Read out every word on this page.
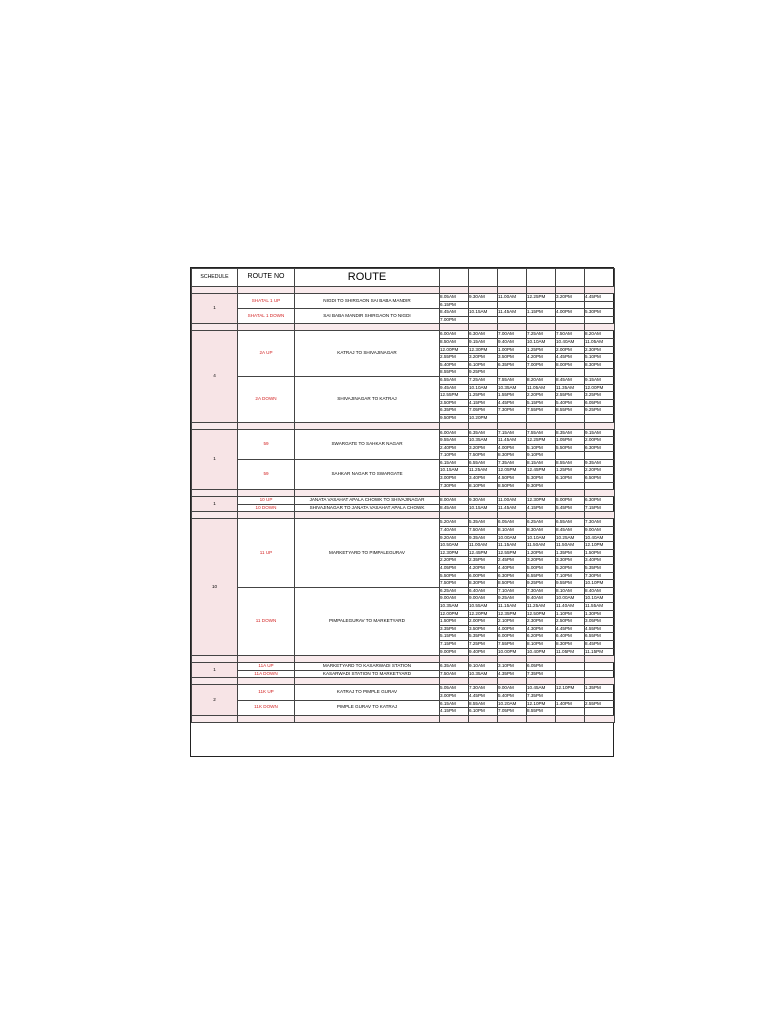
SCHEDULE	ROUTE NO	ROUTE						

1	SHATAL 1 UP	NIGDI TO SHIRGAON SAI BABA MANDIR	8.05AM	9.30AM	11.00AM	12.25PM	3.20PM	4.45PM
			6.15PM					
	SHATAL 1 DOWN	SAI BABA MANDIR SHIRGAON TO NIGDI	8.45AM	10.15AM	11.45AM	1.15PM	4.00PM	5.30PM
			7.00PM					

4	2A UP	KATRAJ TO SHIVAJINAGAR	6.00AM	6.30AM	7.00AM	7.25AM	7.50AM	8.20AM
			8.50AM	9.15AM	9.40AM	10.10AM	10.40AM	11.05AM
			12.00PM	12.30PM	1.00PM	1.25PM	2.00PM	2.30PM
			2.55PM	3.20PM	3.50PM	4.20PM	4.45PM	5.10PM
			5.40PM	6.10PM	6.35PM	7.00PM	8.00PM	8.30PM
			8.55PM	9.25PM				
	2A DOWN	SHIVAJINAGAR TO KATRAJ	6.55AM	7.25AM	7.55AM	8.20AM	8.45AM	9.15AM
			9.45AM	10.10AM	10.35AM	11.05AM	11.35AM	12.00PM
			12.55PM	1.25PM	1.55PM	2.20PM	2.55PM	3.25PM
			3.50PM	4.15PM	4.45PM	5.15PM	5.40PM	6.05PM
			6.35PM	7.05PM	7.30PM	7.55PM	8.55PM	9.25PM
			9.50PM	10.20PM				

1	59	SWARGATE TO SAHKAR NAGAR	6.00AM	6.35AM	7.15AM	7.55AM	8.35AM	9.15AM
			9.55AM	10.35AM	11.45AM	12.25PM	1.05PM	2.00PM
			2.40PM	3.20PM	4.00PM	5.10PM	5.50PM	6.30PM
			7.10PM	7.50PM	8.30PM	9.10PM		
	59	SAHKAR NAGAR TO SWARGATE	6.15AM	6.55AM	7.35AM	8.15AM	8.55AM	9.35AM
			10.15AM	11.25AM	12.05PM	12.45PM	1.25PM	2.20PM
			3.00PM	3.40PM	4.50PM	5.30PM	6.10PM	6.50PM
			7.30PM	8.10PM	8.50PM	9.30PM		

1	10 UP	JANATA VASAHAT APALA CHOWK TO SHIVAJINAGAR	8.00AM	9.30AM	11.00AM	12.30PM	5.00PM	6.30PM
	10 DOWN	SHIVAJINAGAR TO JANATA VASAHAT APALA CHOWK	8.45AM	10.15AM	11.45AM	4.15PM	5.45PM	7.15PM

10	11 UP	MARKETYARD TO PIMPALEGURAV	5.20AM	5.35AM	6.05AM	6.25AM	6.55AM	7.30AM
			7.40AM	7.50AM	8.10AM	8.30AM	8.45AM	9.00AM
			9.20AM	9.35AM	10.00AM	10.10AM	10.25AM	10.40AM
			10.50AM	11.00AM	11.15AM	11.50AM	11.50AM	12.10PM
			12.30PM	12.45PM	12.55PM	1.20PM	1.35PM	1.50PM
			2.20PM	2.35PM	2.45PM	3.20PM	3.30PM	3.40PM
			4.05PM	4.20PM	4.40PM	5.00PM	5.20PM	5.35PM
			5.50PM	6.00PM	6.30PM	6.55PM	7.10PM	7.30PM
			7.50PM	8.30PM	8.50PM	9.25PM	9.55PM	10.10PM
	11 DOWN	PIMPALEGURAV TO MARKETYARD	6.25AM	6.40AM	7.10AM	7.30AM	8.10AM	8.40AM
			9.00AM	9.00AM	9.25AM	9.40AM	10.00AM	10.10AM
			10.35AM	10.55AM	11.15AM	11.25AM	11.40AM	11.55AM
			12.00PM	12.20PM	12.35PM	12.50PM	1.10PM	1.30PM
			1.50PM	2.00PM	2.10PM	2.30PM	2.50PM	3.05PM
			3.35PM	3.50PM	4.00PM	4.30PM	4.45PM	4.55PM
			5.15PM	5.35PM	6.00PM	6.20PM	6.40PM	6.55PM
			7.15PM	7.25PM	7.55PM	8.10PM	8.30PM	8.45PM
			9.00PM	9.40PM	10.00PM	10.40PM	11.05PM	11.15PM

1	11A UP	MARKETYARD TO KASARWADI STATION	6.35AM	9.10AM	3.10PM	6.05PM		
	11A DOWN	KASARWADI STATION TO MARKETYARD	7.50AM	10.35AM	4.35PM	7.35PM		

2	11K UP	KATRAJ TO PIMPLE GURAV	5.05AM	7.30AM	9.00AM	10.45AM	12.10PM	1.35PM
			3.00PM	4.45PM	5.40PM	7.35PM		
	11K DOWN	PIMPLE GURAV TO KATRAJ	6.15AM	8.55AM	10.20AM	12.10PM	1.40PM	2.55PM
			4.15PM	6.10PM	7.05PM	8.55PM		
